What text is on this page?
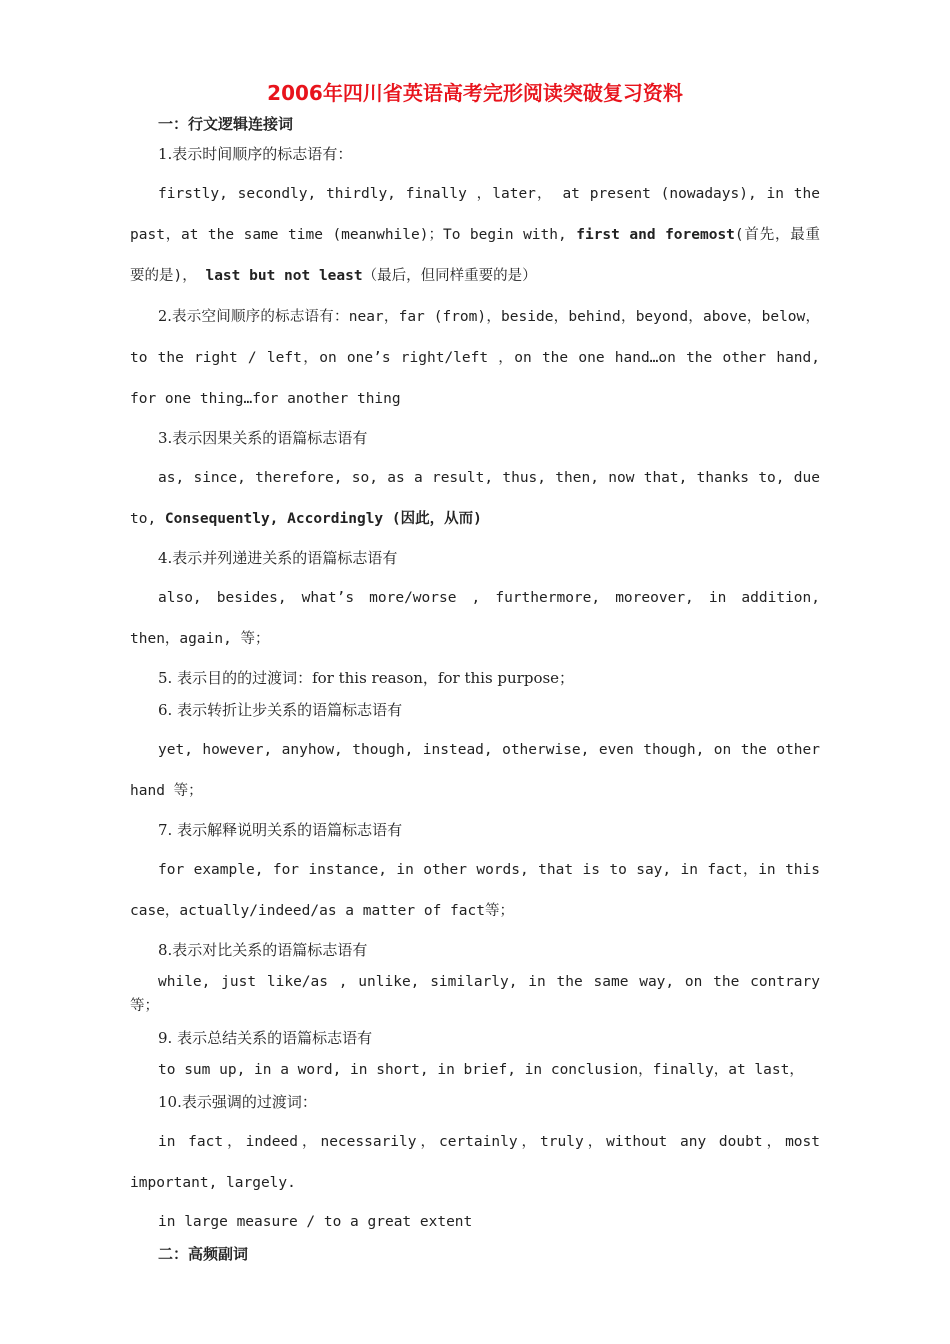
2006年四川省英语高考完形阅读突破复习资料
一：行文逻辑连接词
1.表示时间顺序的标志语有：

firstly, secondly, thirdly, finally ，later， at present (nowadays), in the past，at the same time (meanwhile)；To begin with, first and foremost(首先，最重要的是)， last but not least（最后，但同样重要的是）

2.表示空间顺序的标志语有：near，far (from)，beside，behind，beyond，above，below，to the right / left，on one’s right/left ，on the one hand…on the other hand, for one thing…for another thing

3.表示因果关系的语篇标志语有

as, since, therefore, so, as a result, thus, then, now that, thanks to, due to, Consequently, Accordingly (因此，从而)

4.表示并列递进关系的语篇标志语有

also, besides, what’s more/worse , furthermore, moreover, in addition, then，again, 等；

5. 表示目的的过渡词：for this reason，for this purpose；
6. 表示转折让步关系的语篇标志语有

yet, however, anyhow, though, instead, otherwise, even though, on the other hand 等；

7. 表示解释说明关系的语篇标志语有

for example, for instance, in other words, that is to say, in fact，in this case，actually/indeed/as a matter of fact等；

8.表示对比关系的语篇标志语有

while, just like/as , unlike, similarly, in the same way, on the contrary 等；

9. 表示总结关系的语篇标志语有

to sum up, in a word, in short, in brief, in conclusion，finally，at last，

10.表示强调的过渡词：

in fact，indeed，necessarily，certainly，truly，without any doubt，most important, largely.

in large measure / to a great extent

二：高频副词
